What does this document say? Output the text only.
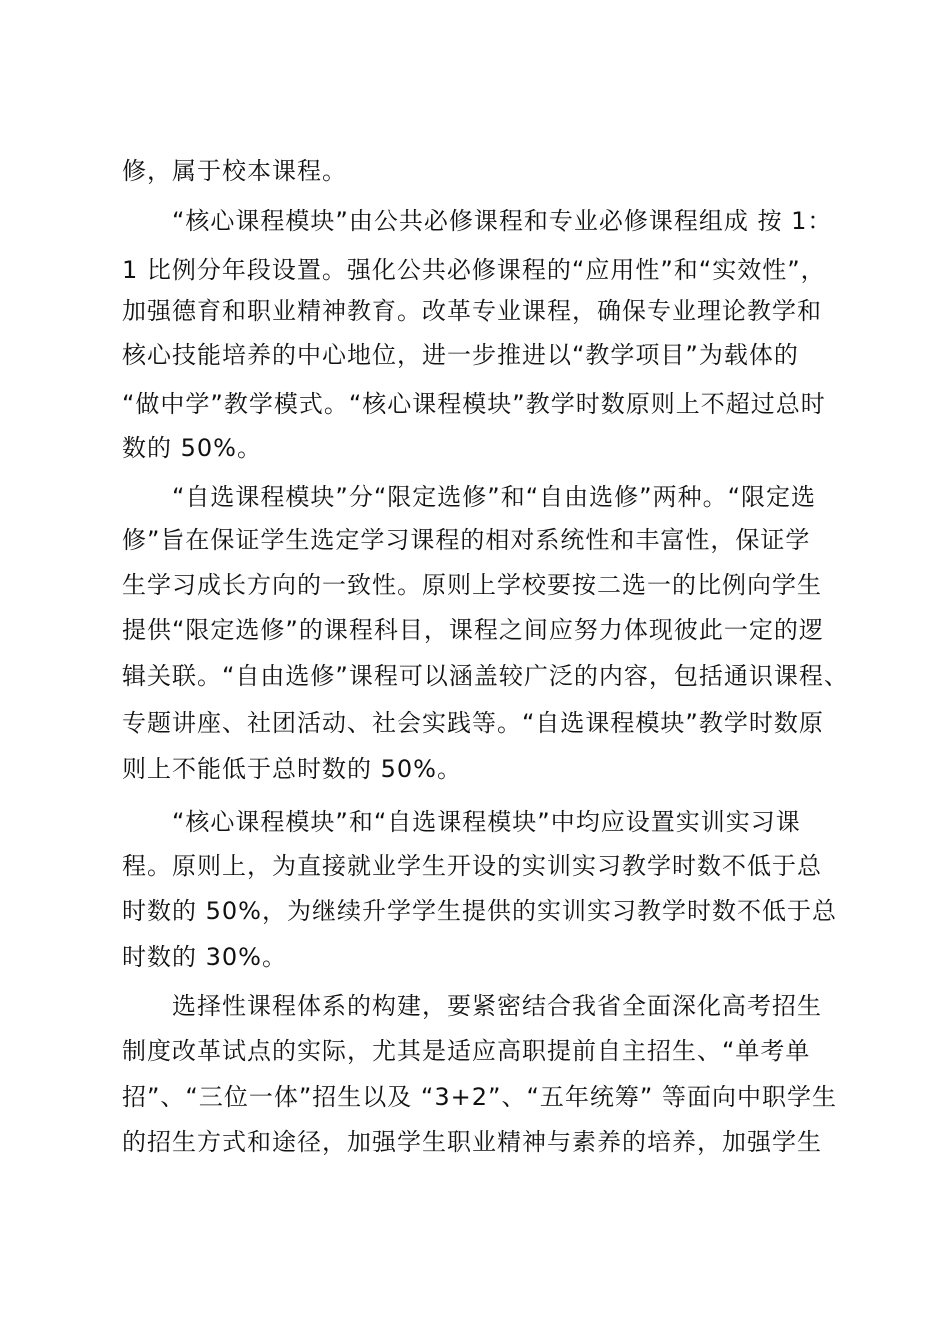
修，属于校本课程。

“核心课程模块”由公共必修课程和专业必修课程组成 按 1：

1 比例分年段设置。强化公共必修课程的“应用性”和“实效性”，

加强德育和职业精神教育。改革专业课程，确保专业理论教学和

核心技能培养的中心地位，进一步推进以“教学项目”为载体的

“做中学”教学模式。“核心课程模块”教学时数原则上不超过总时

数的 50%。

“自选课程模块”分“限定选修”和“自由选修”两种。“限定选

修”旨在保证学生选定学习课程的相对系统性和丰富性，保证学

生学习成长方向的一致性。原则上学校要按二选一的比例向学生

提供“限定选修”的课程科目，课程之间应努力体现彼此一定的逻

辑关联。“自由选修”课程可以涵盖较广泛的内容，包括通识课程、

专题讲座、社团活动、社会实践等。“自选课程模块”教学时数原

则上不能低于总时数的 50%。

“核心课程模块”和“自选课程模块”中均应设置实训实习课

程。原则上，为直接就业学生开设的实训实习教学时数不低于总

时数的 50%，为继续升学学生提供的实训实习教学时数不低于总

时数的 30%。

选择性课程体系的构建，要紧密结合我省全面深化高考招生

制度改革试点的实际，尤其是适应高职提前自主招生、“单考单

招”、“三位一体”招生以及 “3+2”、“五年统筹” 等面向中职学生

的招生方式和途径，加强学生职业精神与素养的培养，加强学生
